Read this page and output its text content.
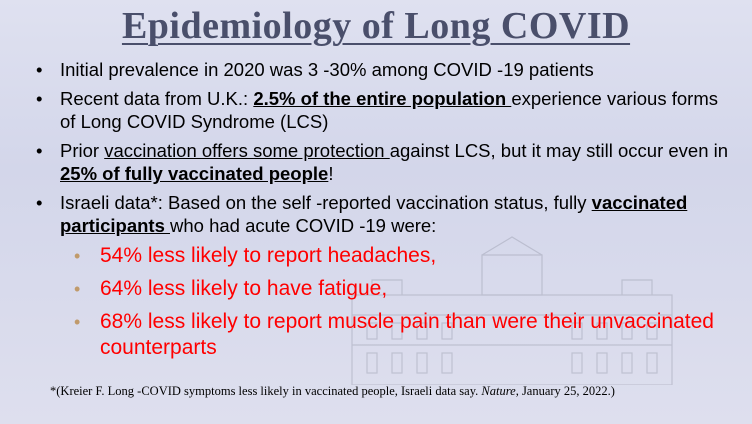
Epidemiology of Long COVID
• Initial prevalence in 2020 was 3 -30% among COVID -19 patients
• Recent data from U.K.: 2.5% of the entire population experience various forms of Long COVID Syndrome (LCS)
• Prior vaccination offers some protection against LCS, but it may still occur even in 25% of fully vaccinated people!
• Israeli data*: Based on the self -reported vaccination status, fully vaccinated participants who had acute COVID -19 were:
• 54% less likely to report headaches,
• 64% less likely to have fatigue,
• 68% less likely to report muscle pain than were their unvaccinated counterparts
*(Kreier F. Long -COVID symptoms less likely in vaccinated people, Israeli data say. Nature, January 25, 2022.)
